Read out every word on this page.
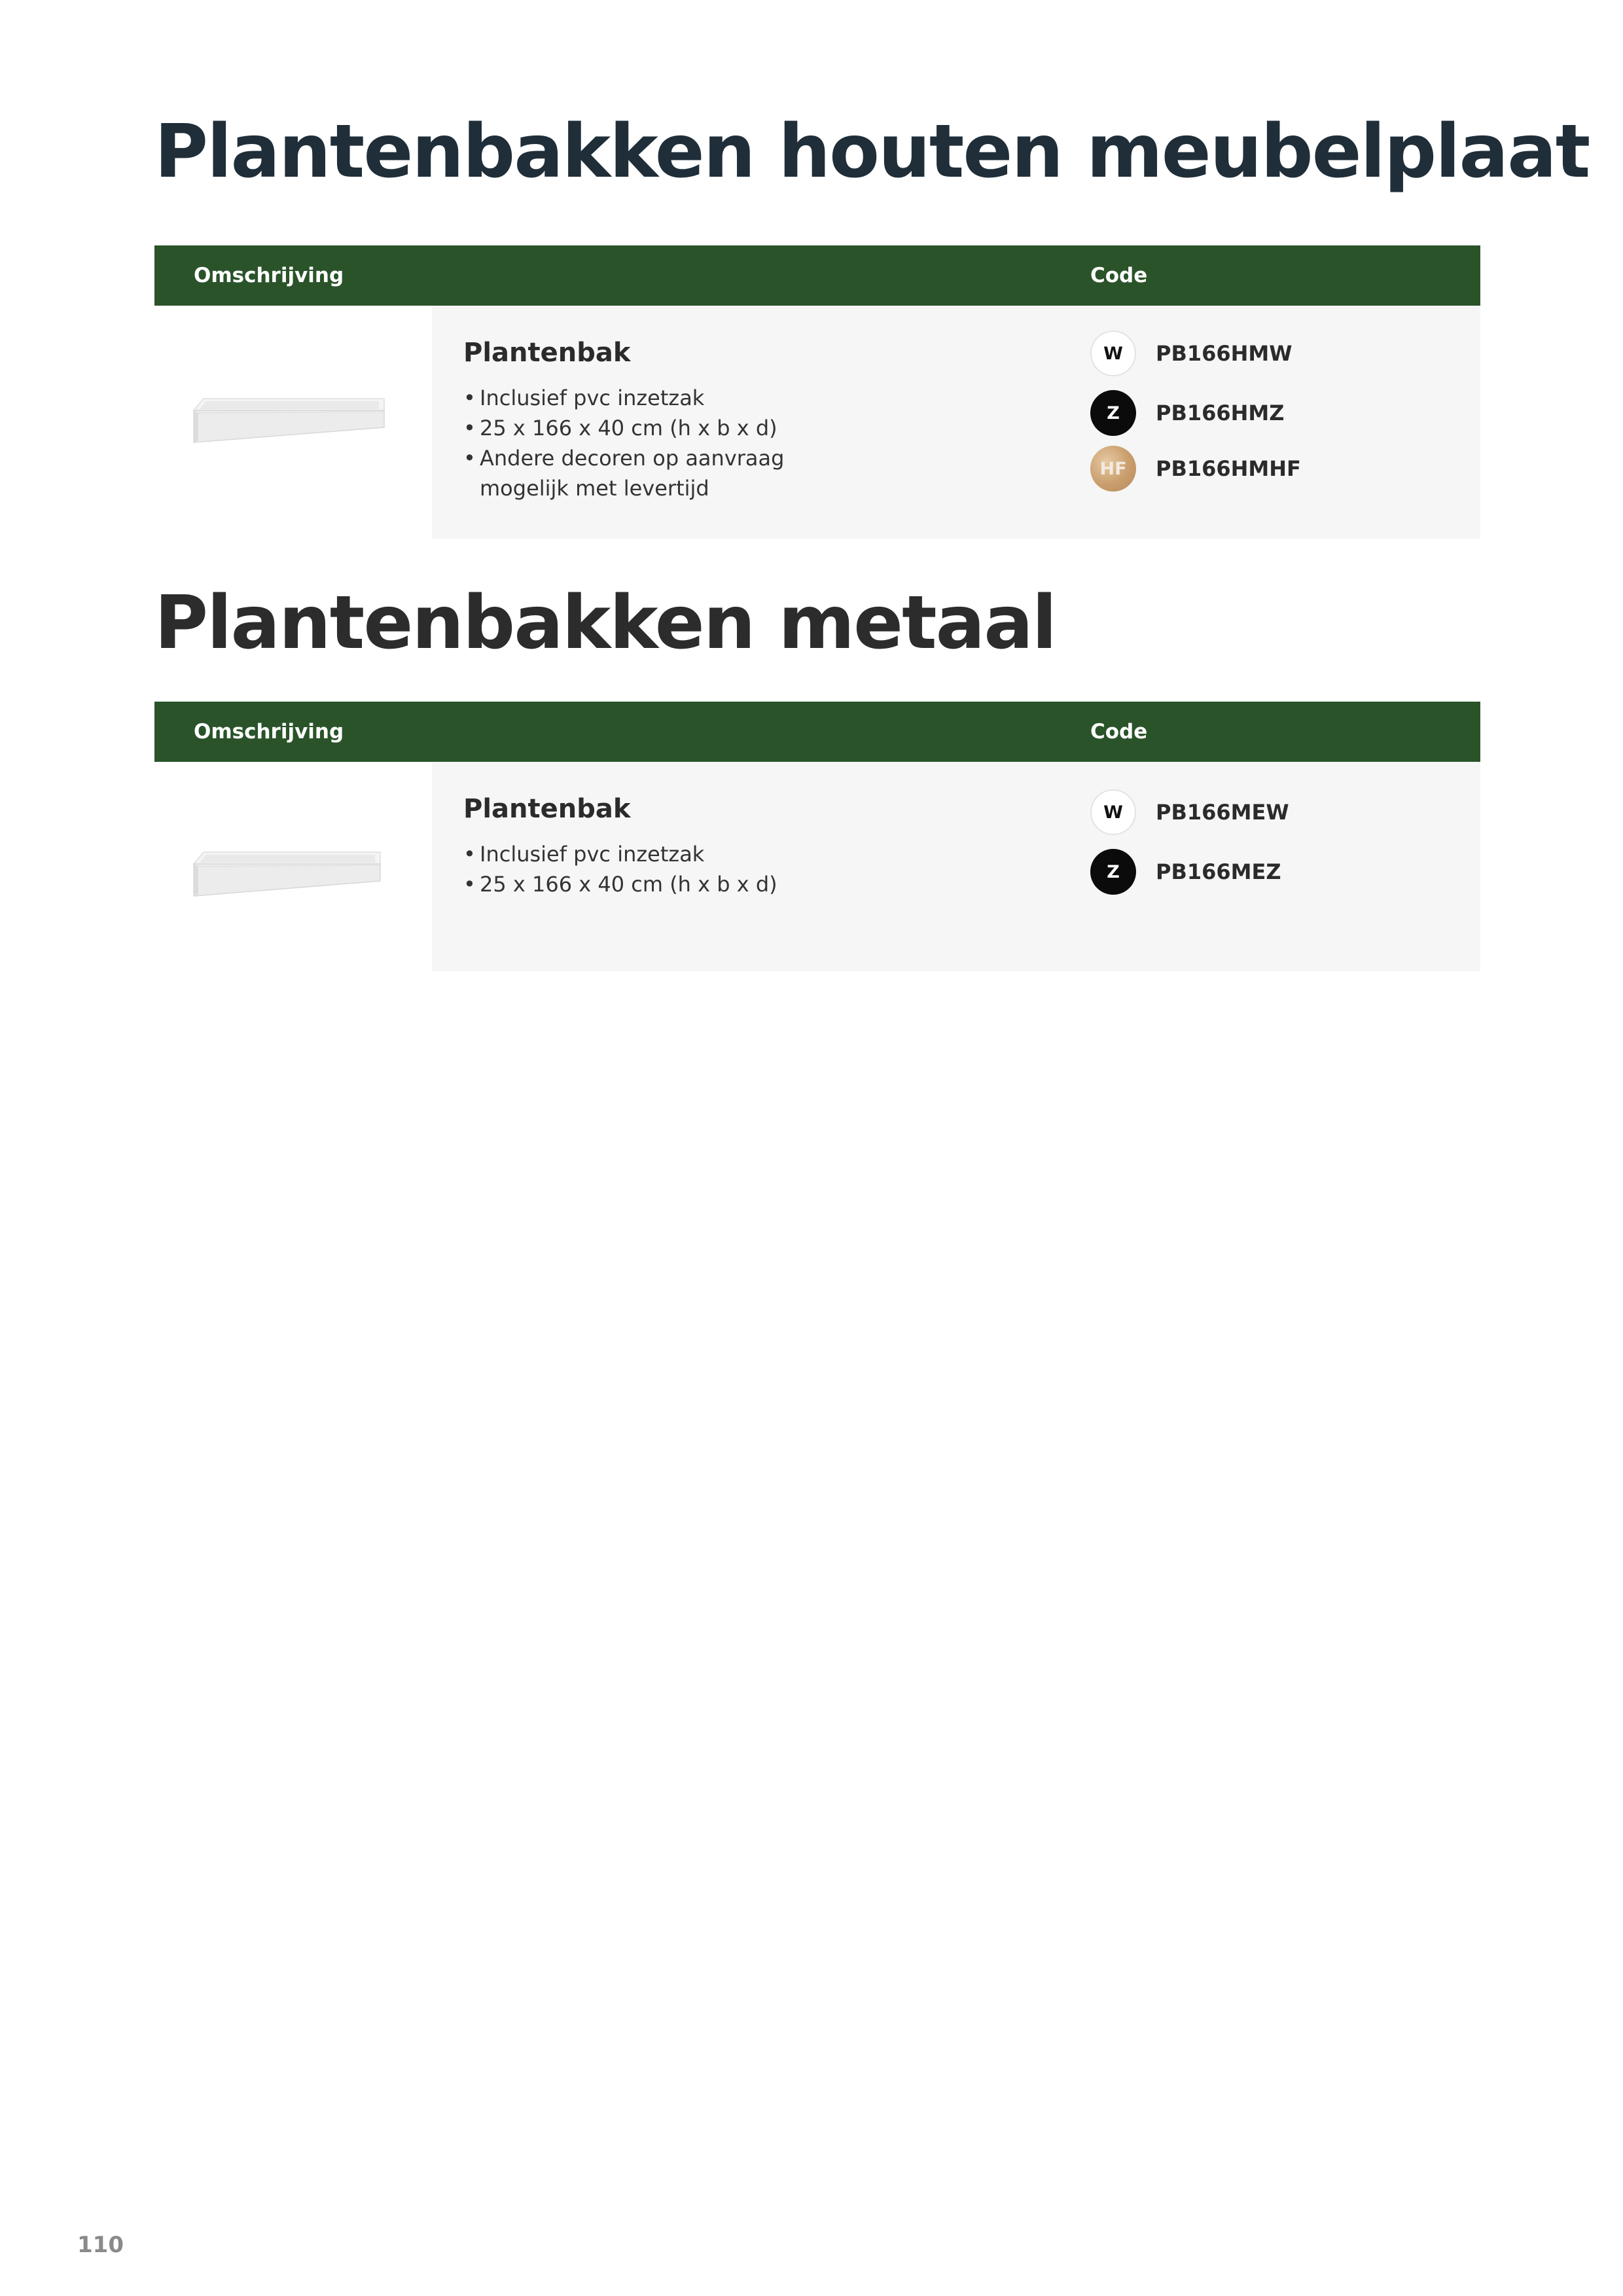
Plantenbakken houten meubelplaat
Omschrijving	Code
Plantenbak
• Inclusief pvc inzetzak
• 25 x 166 x 40 cm (h x b x d)
• Andere decoren op aanvraag
mogelijk met levertijd
W	PB166HMW
Z	PB166HMZ
HF	PB166HMHF
Plantenbakken metaal
Omschrijving	Code
Plantenbak
• Inclusief pvc inzetzak
• 25 x 166 x 40 cm (h x b x d)
W	PB166MEW
Z	PB166MEZ
110
